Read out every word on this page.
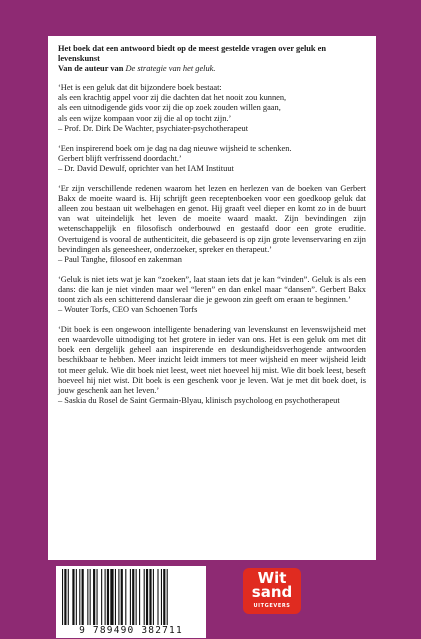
Het boek dat een antwoord biedt op de meest gestelde vragen over geluk en levenskunst
Van de auteur van De strategie van het geluk.

‘Het is een geluk dat dit bijzondere boek bestaat:

als een krachtig appel voor zij die dachten dat het nooit zou kunnen,

als een uitnodigende gids voor zij die op zoek zouden willen gaan,

als een wijze kompaan voor zij die al op tocht zijn.’

– Prof. Dr. Dirk De Wachter, psychiater-psychotherapeut

‘Een inspirerend boek om je dag na dag nieuwe wijsheid te schenken.

Gerbert blijft verfrissend doordacht.’

– Dr. David Dewulf, oprichter van het IAM Instituut

‘Er zijn verschillende redenen waarom het lezen en herlezen van de boeken van Gerbert Bakx de moeite waard is. Hij schrijft geen receptenboeken voor een goedkoop geluk dat alleen zou bestaan uit welbehagen en genot. Hij graaft veel dieper en komt zo in de buurt van wat uiteindelijk het leven de moeite waard maakt. Zijn bevindingen zijn wetenschappelijk en filosofisch onderbouwd en gestaafd door een grote eruditie. Overtuigend is vooral de authenticiteit, die gebaseerd is op zijn grote levenservaring en zijn bevindingen als geneesheer, onderzoeker, spreker en therapeut.’

– Paul Tanghe, filosoof en zakenman

‘Geluk is niet iets wat je kan “zoeken”, laat staan iets dat je kan “vinden”. Geluk is als een dans: die kan je niet vinden maar wel “leren” en dan enkel maar “dansen”. Gerbert Bakx toont zich als een schitterend dansleraar die je gewoon zin geeft om eraan te beginnen.’

– Wouter Torfs, CEO van Schoenen Torfs

‘Dit boek is een ongewoon intelligente benadering van levenskunst en levenswijsheid met een waardevolle uitnodiging tot het grotere in ieder van ons. Het is een geluk om met dit boek een dergelijk geheel aan inspirerende en deskundigheidsverhogende antwoorden beschikbaar te hebben. Meer inzicht leidt immers tot meer wijsheid en meer wijsheid leidt tot meer geluk. Wie dit boek niet leest, weet niet hoeveel hij mist. Wie dit boek leest, beseft hoeveel hij niet wist. Dit boek is een geschenk voor je leven. Wat je met dit boek doet, is jouw geschenk aan het leven.’

– Saskia du Rosel de Saint Germain-Blyau, klinisch psycholoog en psychotherapeut
9 789490 382711
Wit
sand
UITGEVERS
